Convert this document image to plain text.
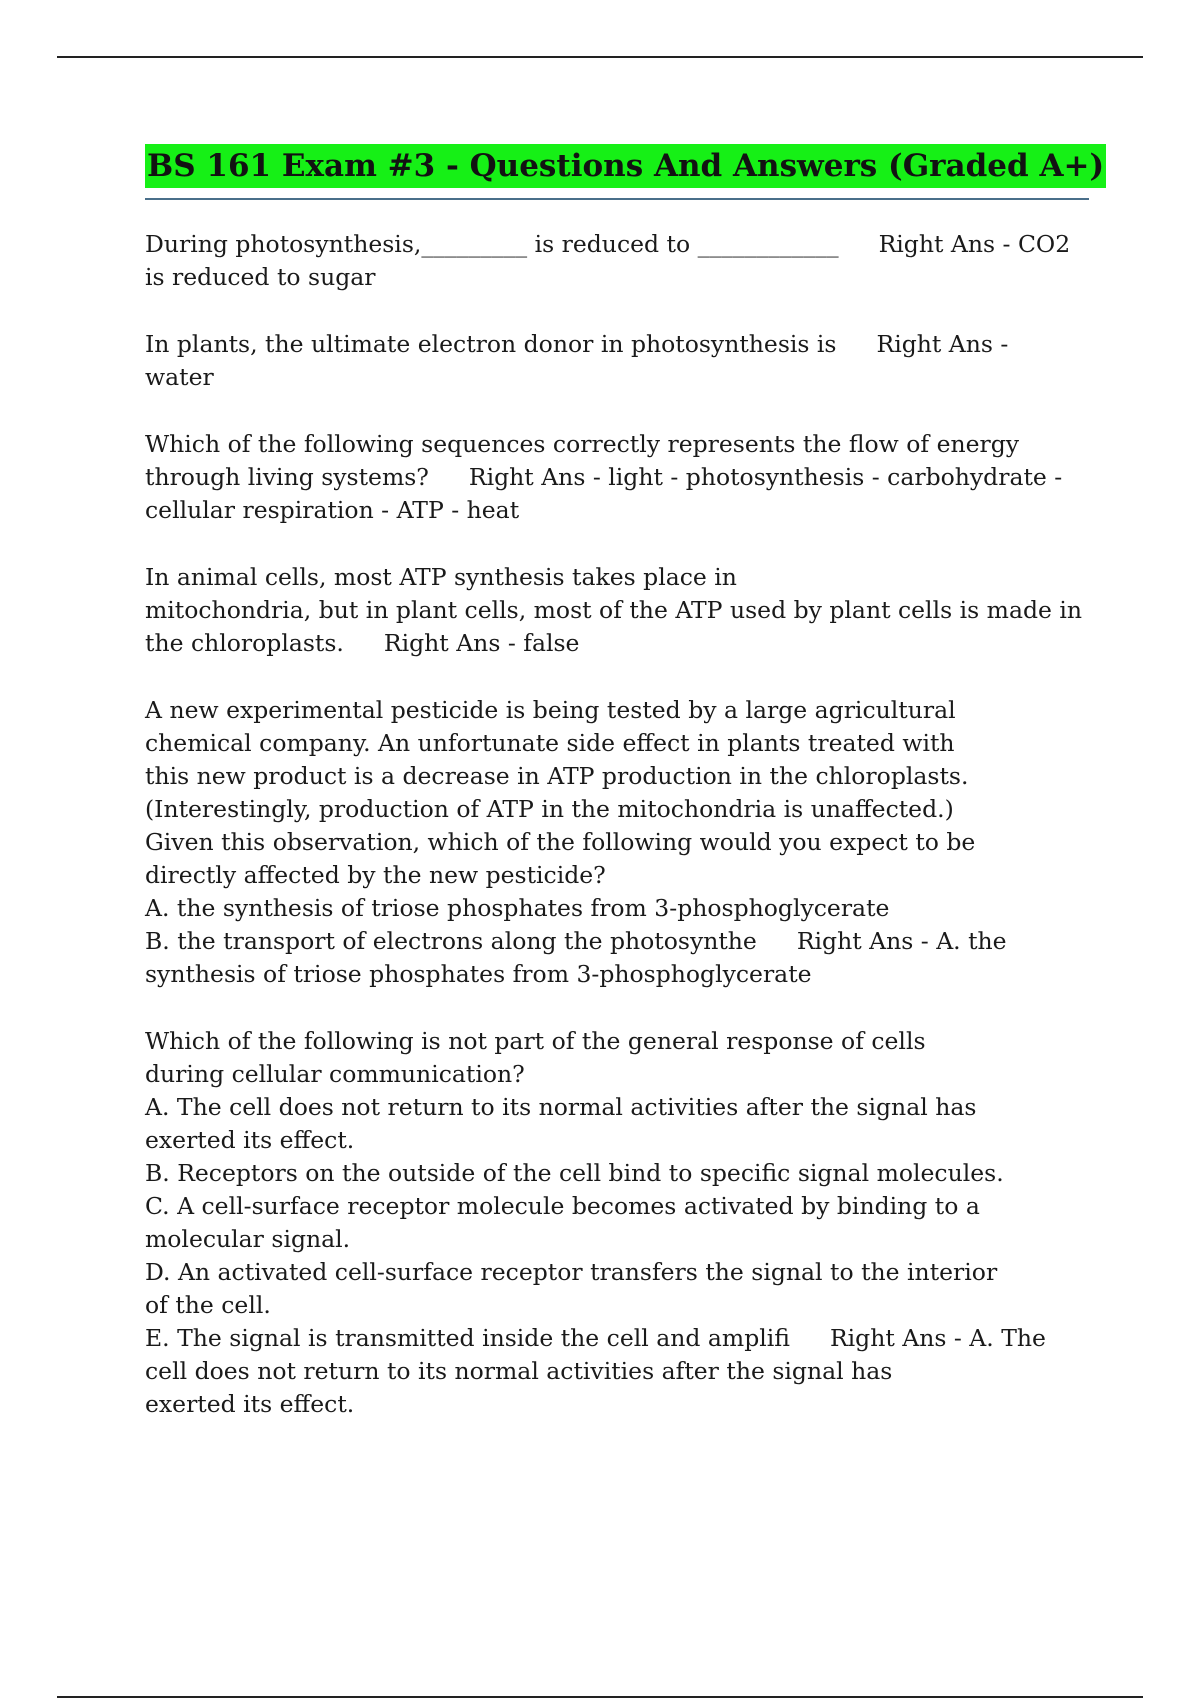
BS 161 Exam #3 - Questions And Answers (Graded A+)
During photosynthesis,_________ is reduced to ____________ Right Ans - CO2
is reduced to sugar
In plants, the ultimate electron donor in photosynthesis is Right Ans -
water
Which of the following sequences correctly represents the flow of energy
through living systems? Right Ans - light - photosynthesis - carbohydrate -
cellular respiration - ATP - heat
In animal cells, most ATP synthesis takes place in
mitochondria, but in plant cells, most of the ATP used by plant cells is made in
the chloroplasts. Right Ans - false
A new experimental pesticide is being tested by a large agricultural
chemical company. An unfortunate side effect in plants treated with
this new product is a decrease in ATP production in the chloroplasts.
(Interestingly, production of ATP in the mitochondria is unaffected.)
Given this observation, which of the following would you expect to be
directly affected by the new pesticide?
A. the synthesis of triose phosphates from 3-phosphoglycerate
B. the transport of electrons along the photosynthe Right Ans - A. the
synthesis of triose phosphates from 3-phosphoglycerate
Which of the following is not part of the general response of cells
during cellular communication?
A. The cell does not return to its normal activities after the signal has
exerted its effect.
B. Receptors on the outside of the cell bind to specific signal molecules.
C. A cell-surface receptor molecule becomes activated by binding to a
molecular signal.
D. An activated cell-surface receptor transfers the signal to the interior
of the cell.
E. The signal is transmitted inside the cell and amplifi Right Ans - A. The
cell does not return to its normal activities after the signal has
exerted its effect.
